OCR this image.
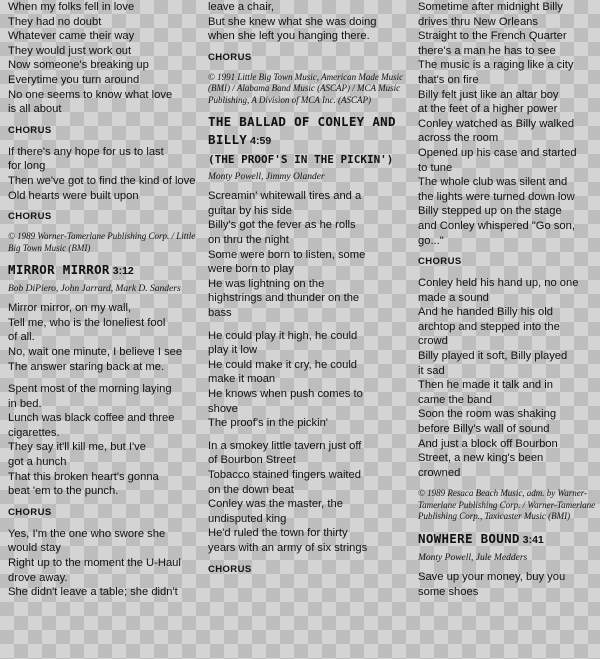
When my folks fell in love
They had no doubt
Whatever came their way
They would just work out
Now someone's breaking up
Everytime you turn around
No one seems to know what love
is all about
CHORUS
If there's any hope for us to last
for long
Then we've got to find the kind of love
Old hearts were built upon
CHORUS
© 1989 Warner-Tamerlane Publishing Corp. / Little Big Town Music (BMI)
MIRROR MIRROR 3:12
Bob DiPiero, John Jarrard, Mark D. Sanders
Mirror mirror, on my wall,
Tell me, who is the loneliest fool
of all.
No, wait one minute, I believe I see
The answer staring back at me.
Spent most of the morning laying
in bed.
Lunch was black coffee and three
cigarettes.
They say it'll kill me, but I've
got a hunch
That this broken heart's gonna
beat 'em to the punch.
CHORUS
Yes, I'm the one who swore she
would stay
Right up to the moment the U-Haul
drove away.
She didn't leave a table; she didn't
leave a chair,
But she knew what she was doing
when she left you hanging there.
CHORUS
© 1991 Little Big Town Music, American Made Music (BMI) / Alabama Band Music (ASCAP) / MCA Music Publishing, A Division of MCA Inc. (ASCAP)
THE BALLAD OF CONLEY AND BILLY 4:59
(THE PROOF'S IN THE PICKIN')
Monty Powell, Jimmy Olander
Screamin' whitewall tires and a
guitar by his side
Billy's got the fever as he rolls
on thru the night
Some were born to listen, some
were born to play
He was lightning on the
highstrings and thunder on the
bass
He could play it high, he could
play it low
He could make it cry, he could
make it moan
He knows when push comes to
shove
The proof's in the pickin'
In a smokey little tavern just off
of Bourbon Street
Tobacco stained fingers waited
on the down beat
Conley was the master, the
undisputed king
He'd ruled the town for thirty
years with an army of six strings
CHORUS
Sometime after midnight Billy
drives thru New Orleans
Straight to the French Quarter
there's a man he has to see
The music is a raging like a city
that's on fire
Billy felt just like an altar boy
at the feet of a higher power
Conley watched as Billy walked
across the room
Opened up his case and started
to tune
The whole club was silent and
the lights were turned down low
Billy stepped up on the stage
and Conley whispered "Go son,
go..."
CHORUS
Conley held his hand up, no one
made a sound
And he handed Billy his old
archtop and stepped into the
crowd
Billy played it soft, Billy played
it sad
Then he made it talk and in
came the band
Soon the room was shaking
before Billy's wall of sound
And just a block off Bourbon
Street, a new king's been
crowned
© 1989 Resaca Beach Music, adm. by Warner-Tamerlane Publishing Corp. / Warner-Tamerlane Publishing Corp., Taxicaster Music (BMI)
NOWHERE BOUND 3:41
Monty Powell, Jule Medders
Save up your money, buy you
some shoes
